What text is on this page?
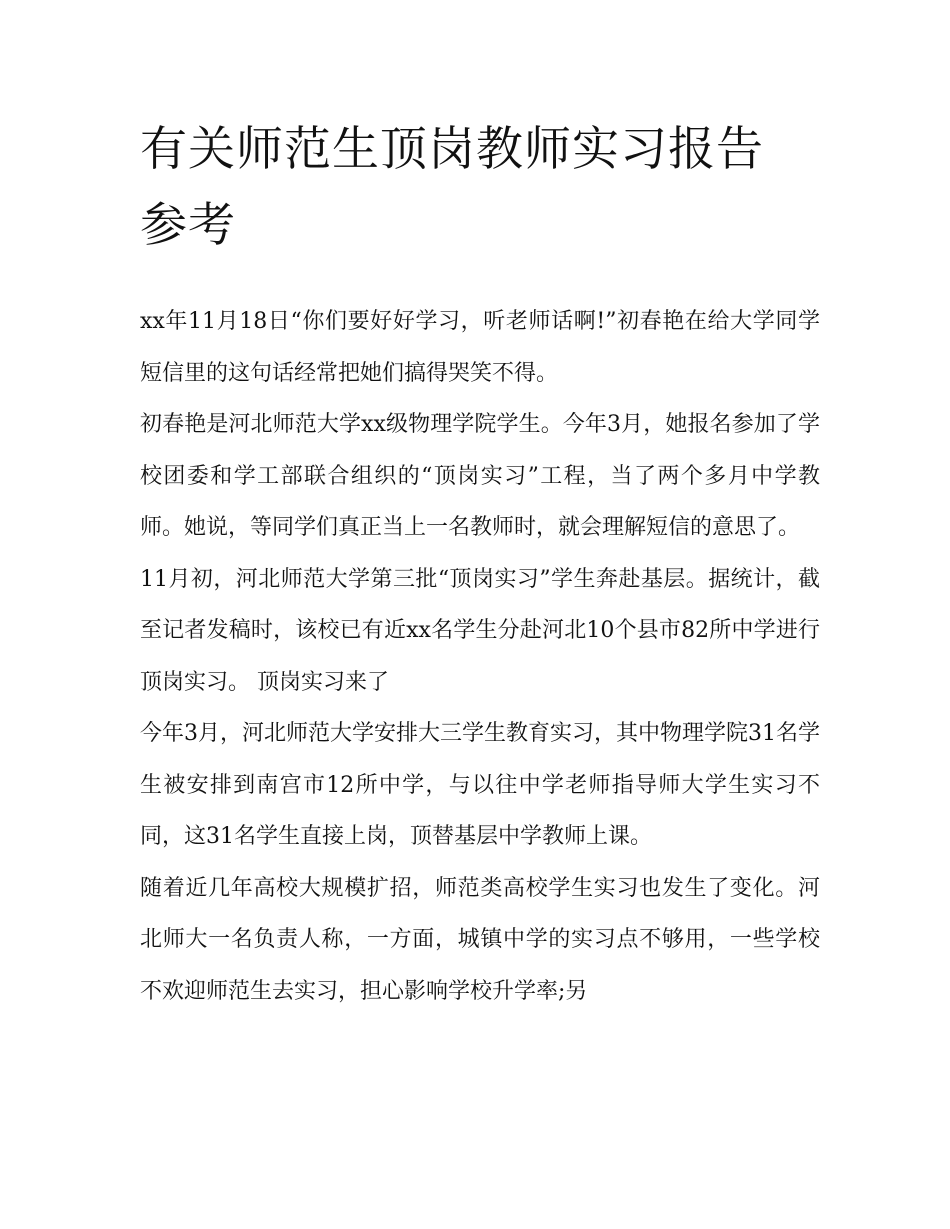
有关师范生顶岗教师实习报告参考

xx年11月18日“你们要好好学习，听老师话啊!”初春艳在给大学同学短信里的这句话经常把她们搞得哭笑不得。

初春艳是河北师范大学xx级物理学院学生。今年3月，她报名参加了学校团委和学工部联合组织的“顶岗实习”工程，当了两个多月中学教师。她说，等同学们真正当上一名教师时，就会理解短信的意思了。

11月初，河北师范大学第三批“顶岗实习”学生奔赴基层。据统计，截至记者发稿时，该校已有近xx名学生分赴河北10个县市82所中学进行顶岗实习。 顶岗实习来了

今年3月，河北师范大学安排大三学生教育实习，其中物理学院31名学生被安排到南宫市12所中学，与以往中学老师指导师大学生实习不同，这31名学生直接上岗，顶替基层中学教师上课。

随着近几年高校大规模扩招，师范类高校学生实习也发生了变化。河北师大一名负责人称，一方面，城镇中学的实习点不够用，一些学校不欢迎师范生去实习，担心影响学校升学率;另
